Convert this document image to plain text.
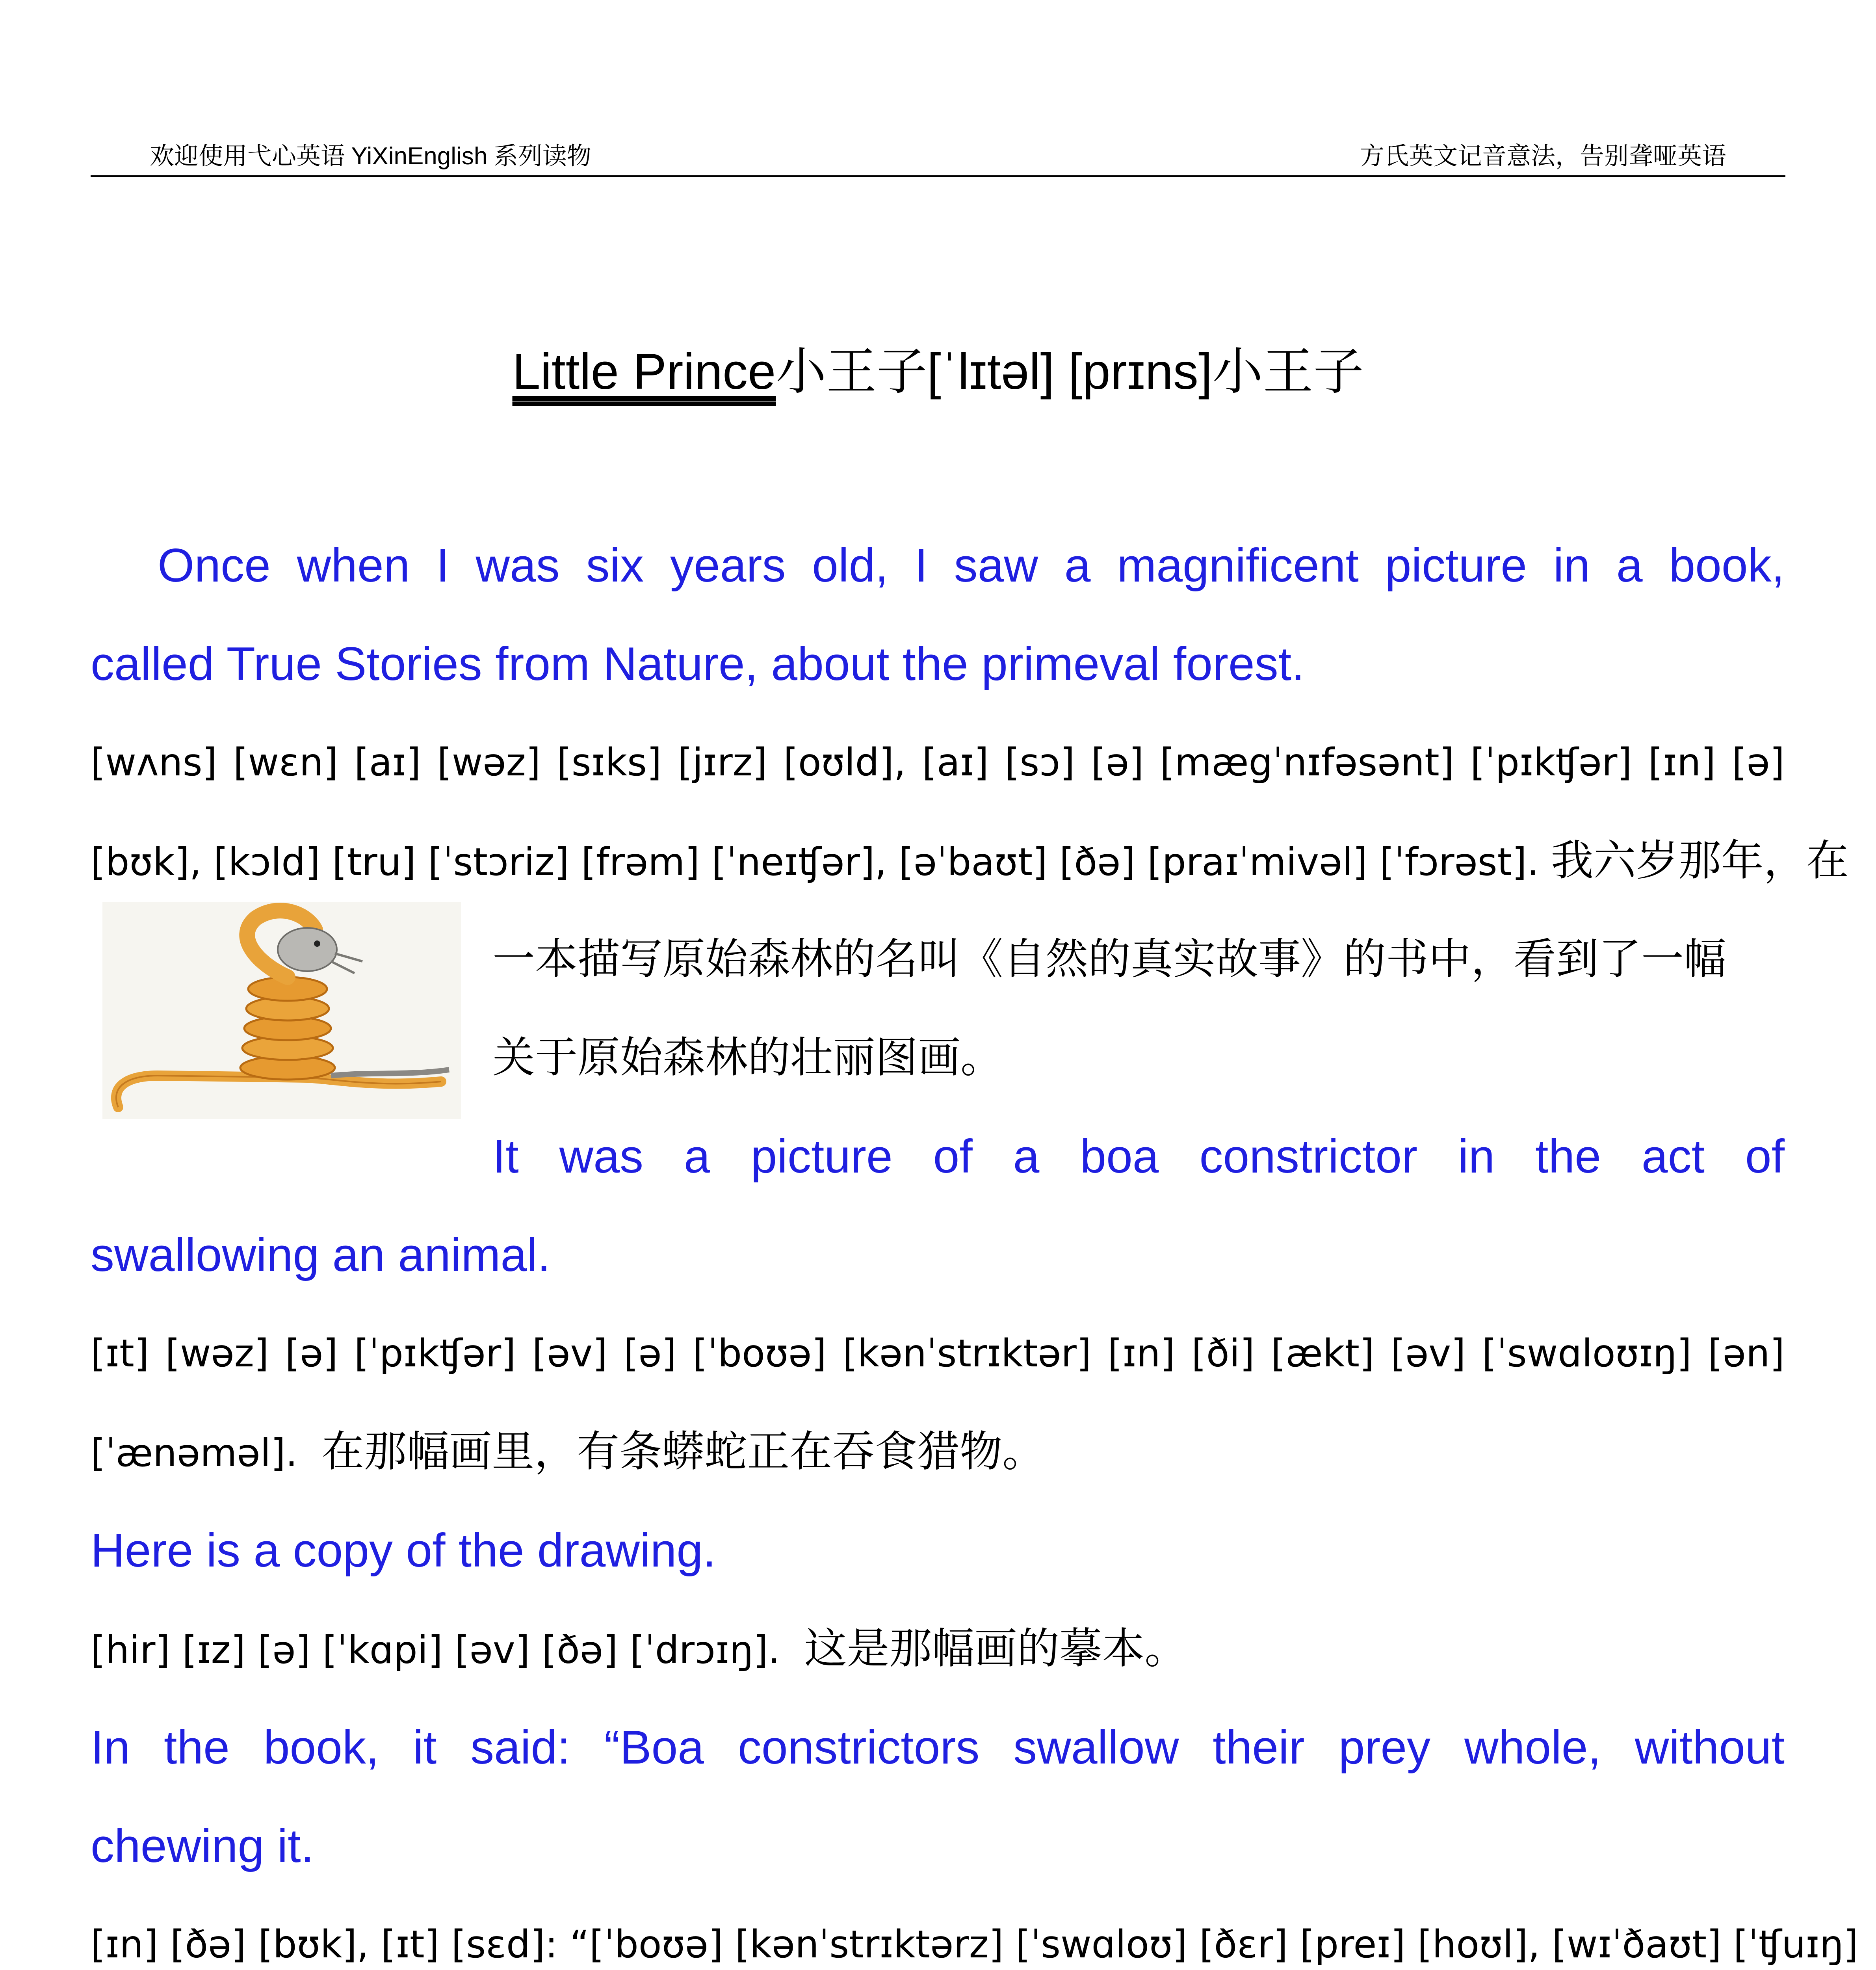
欢迎使用弋心英语 YiXinEnglish 系列读物	方氏英文记音意法，告别聋哑英语
Little Prince小王子[ˈlɪtəl] [prɪns]小王子
Once when I was six years old, I saw a magnificent picture in a book,
called True Stories from Nature, about the primeval forest.
[wʌns] [wɛn] [aɪ] [wəz] [sɪks] [jɪrz] [oʊld], [aɪ] [sɔ] [ə] [mægˈnɪfəsənt] [ˈpɪkʧər] [ɪn] [ə]
[bʊk], [kɔld] [tru] [ˈstɔriz] [frəm] [ˈneɪʧər], [əˈbaʊt] [ðə] [praɪˈmivəl] [ˈfɔrəst]. 我六岁那年，在
一本描写原始森林的名叫《自然的真实故事》的书中，看到了一幅
关于原始森林的壮丽图画。
It was a picture of a boa constrictor in the act of
swallowing an animal.
[ɪt] [wəz] [ə] [ˈpɪkʧər] [əv] [ə] [ˈboʊə] [kənˈstrɪktər] [ɪn] [ði] [ækt] [əv] [ˈswɑloʊɪŋ] [ən]
[ˈænəməl]. 在那幅画里，有条蟒蛇正在吞食猎物。
Here is a copy of the drawing.
[hir] [ɪz] [ə] [ˈkɑpi] [əv] [ðə] [ˈdrɔɪŋ]. 这是那幅画的摹本。
In the book, it said: “Boa constrictors swallow their prey whole, without
chewing it.
[ɪn] [ðə] [bʊk], [ɪt] [sɛd]: “[ˈboʊə] [kənˈstrɪktərz] [ˈswɑloʊ] [ðɛr] [preɪ] [hoʊl], [wɪˈðaʊt] [ˈʧuɪŋ]
